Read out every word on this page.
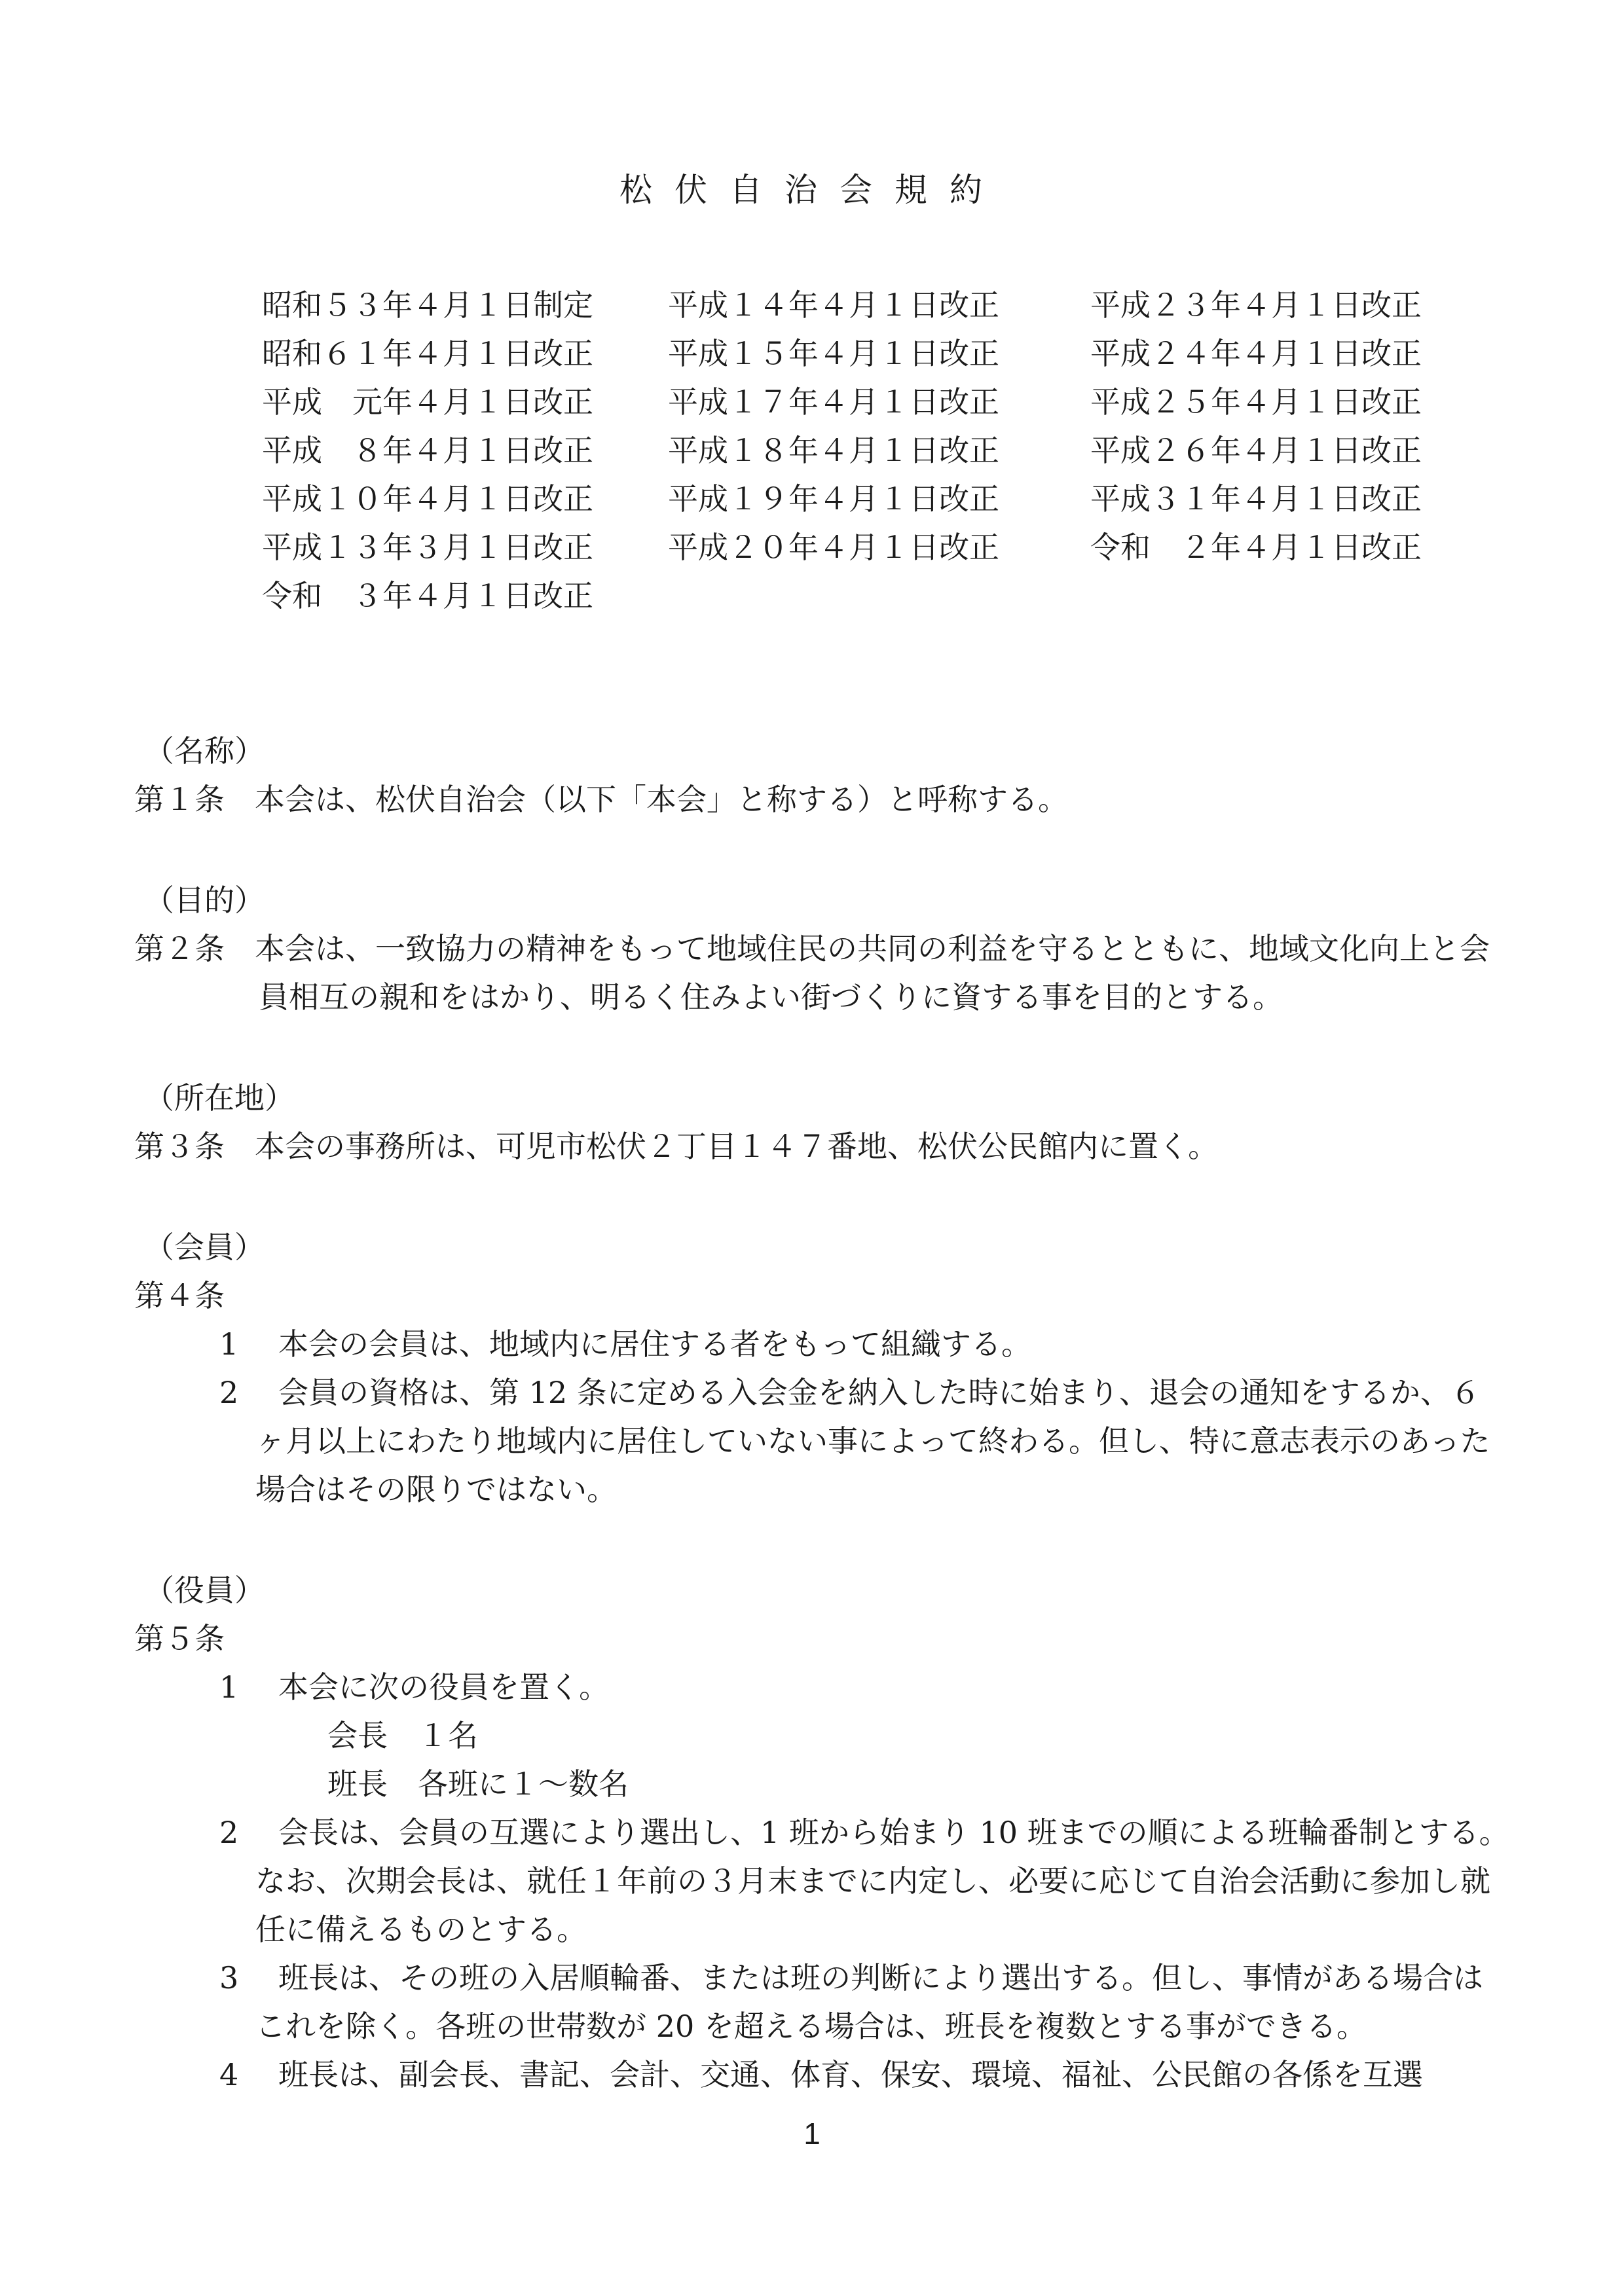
松伏自治会規約
昭和５３年４月１日制定	平成１４年４月１日改正	平成２３年４月１日改正
昭和６１年４月１日改正	平成１５年４月１日改正	平成２４年４月１日改正
平成　元年４月１日改正	平成１７年４月１日改正	平成２５年４月１日改正
平成　８年４月１日改正	平成１８年４月１日改正	平成２６年４月１日改正
平成１０年４月１日改正	平成１９年４月１日改正	平成３１年４月１日改正
平成１３年３月１日改正	平成２０年４月１日改正	令和　２年４月１日改正
令和　３年４月１日改正
（名称）
第１条　本会は、松伏自治会（以下「本会」と称する）と呼称する。
（目的）
第２条　本会は、一致協力の精神をもって地域住民の共同の利益を守るとともに、地域文化向上と会員相互の親和をはかり、明るく住みよい街づくりに資する事を目的とする。
（所在地）
第３条　本会の事務所は、可児市松伏２丁目１４７番地、松伏公民館内に置く。
（会員）
第４条
1 本会の会員は、地域内に居住する者をもって組織する。
2 会員の資格は、第 12 条に定める入会金を納入した時に始まり、退会の通知をするか、６ヶ月以上にわたり地域内に居住していない事によって終わる。但し、特に意志表示のあった場合はその限りではない。
（役員）
第５条
1 本会に次の役員を置く。
会長　１名
班長　各班に１～数名
2 会長は、会員の互選により選出し、1 班から始まり 10 班までの順による班輪番制とする。なお、次期会長は、就任１年前の３月末までに内定し、必要に応じて自治会活動に参加し就任に備えるものとする。
3 班長は、その班の入居順輪番、または班の判断により選出する。但し、事情がある場合はこれを除く。各班の世帯数が 20 を超える場合は、班長を複数とする事ができる。
4 班長は、副会長、書記、会計、交通、体育、保安、環境、福祉、公民館の各係を互選
1
